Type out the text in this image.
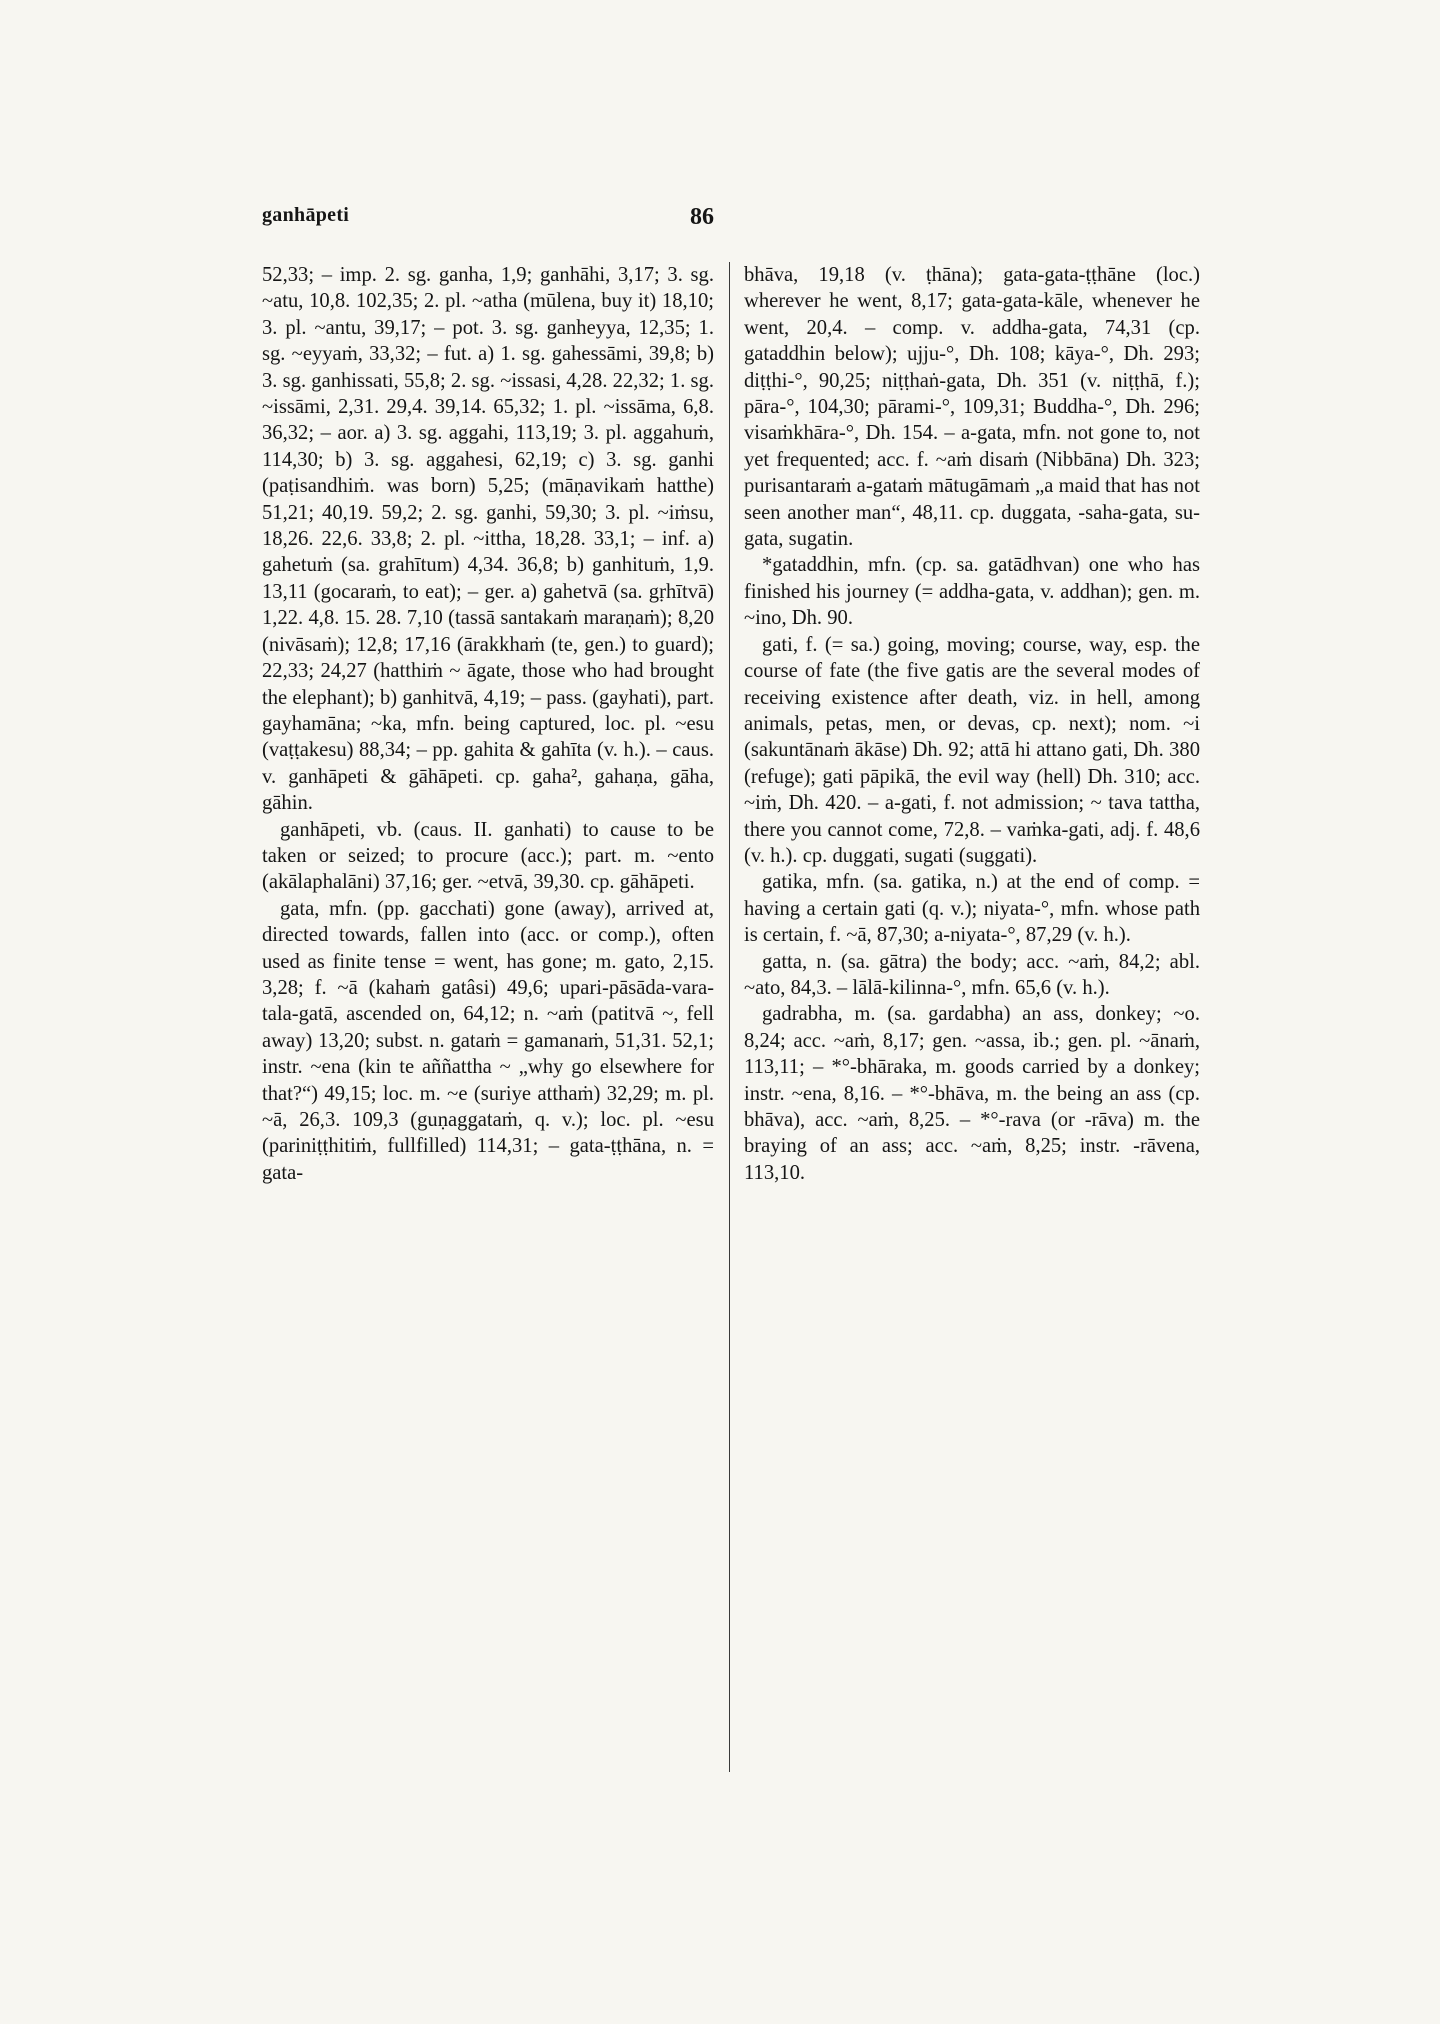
ganhāpeti	86

52,33; – imp. 2. sg. ganha, 1,9; ganhāhi, 3,17; 3. sg. ~atu, 10,8. 102,35; 2. pl. ~atha (mūlena, buy it) 18,10; 3. pl. ~antu, 39,17; – pot. 3. sg. ganheyya, 12,35; 1. sg. ~eyyaṁ, 33,32; – fut. a) 1. sg. gahessāmi, 39,8; b) 3. sg. ganhissati, 55,8; 2. sg. ~issasi, 4,28. 22,32; 1. sg. ~issāmi, 2,31. 29,4. 39,14. 65,32; 1. pl. ~issāma, 6,8. 36,32; – aor. a) 3. sg. aggahi, 113,19; 3. pl. aggahuṁ, 114,30; b) 3. sg. aggahesi, 62,19; c) 3. sg. ganhi (paṭisandhiṁ. was born) 5,25; (māṇavikaṁ hatthe) 51,21; 40,19. 59,2; 2. sg. ganhi, 59,30; 3. pl. ~iṁsu, 18,26. 22,6. 33,8; 2. pl. ~ittha, 18,28. 33,1; – inf. a) gahetuṁ (sa. grahītum) 4,34. 36,8; b) ganhituṁ, 1,9. 13,11 (gocaraṁ, to eat); – ger. a) gahetvā (sa. gṛhītvā) 1,22. 4,8. 15. 28. 7,10 (tassā santakaṁ maraṇaṁ); 8,20 (nivāsaṁ); 12,8; 17,16 (ārakkhaṁ (te, gen.) to guard); 22,33; 24,27 (hatthiṁ ~ āgate, those who had brought the elephant); b) ganhitvā, 4,19; – pass. (gayhati), part. gayhamāna; ~ka, mfn. being captured, loc. pl. ~esu (vaṭṭakesu) 88,34; – pp. gahita & gahīta (v. h.). – caus. v. ganhāpeti & gāhāpeti. cp. gaha², gahaṇa, gāha, gāhin.

ganhāpeti, vb. (caus. II. ganhati) to cause to be taken or seized; to procure (acc.); part. m. ~ento (akālaphalāni) 37,16; ger. ~etvā, 39,30. cp. gāhāpeti.

gata, mfn. (pp. gacchati) gone (away), arrived at, directed towards, fallen into (acc. or comp.), often used as finite tense = went, has gone; m. gato, 2,15. 3,28; f. ~ā (kahaṁ gatâsi) 49,6; upari-pāsāda-vara-tala-gatā, ascended on, 64,12; n. ~aṁ (patitvā ~, fell away) 13,20; subst. n. gataṁ = gamanaṁ, 51,31. 52,1; instr. ~ena (kin te aññattha ~ „why go elsewhere for that?“) 49,15; loc. m. ~e (suriye atthaṁ) 32,29; m. pl. ~ā, 26,3. 109,3 (guṇaggataṁ, q. v.); loc. pl. ~esu (pariniṭṭhitiṁ, fullfilled) 114,31; – gata-ṭṭhāna, n. = gata-

bhāva, 19,18 (v. ṭhāna); gata-gata-ṭṭhāne (loc.) wherever he went, 8,17; gata-gata-kāle, whenever he went, 20,4. – comp. v. addha-gata, 74,31 (cp. gataddhin below); ujju-°, Dh. 108; kāya-°, Dh. 293; diṭṭhi-°, 90,25; niṭṭhaṅ-gata, Dh. 351 (v. niṭṭhā, f.); pāra-°, 104,30; pārami-°, 109,31; Buddha-°, Dh. 296; visaṁkhāra-°, Dh. 154. – a-gata, mfn. not gone to, not yet frequented; acc. f. ~aṁ disaṁ (Nibbāna) Dh. 323; purisantaraṁ a-gataṁ mātugāmaṁ „a maid that has not seen another man“, 48,11. cp. duggata, -saha-gata, su-gata, sugatin.

*gataddhin, mfn. (cp. sa. gatādhvan) one who has finished his journey (= addha-gata, v. addhan); gen. m. ~ino, Dh. 90.

gati, f. (= sa.) going, moving; course, way, esp. the course of fate (the five gatis are the several modes of receiving existence after death, viz. in hell, among animals, petas, men, or devas, cp. next); nom. ~i (sakuntānaṁ ākāse) Dh. 92; attā hi attano gati, Dh. 380 (refuge); gati pāpikā, the evil way (hell) Dh. 310; acc. ~iṁ, Dh. 420. – a-gati, f. not admission; ~ tava tattha, there you cannot come, 72,8. – vaṁka-gati, adj. f. 48,6 (v. h.). cp. duggati, sugati (suggati).

gatika, mfn. (sa. gatika, n.) at the end of comp. = having a certain gati (q. v.); niyata-°, mfn. whose path is certain, f. ~ā, 87,30; a-niyata-°, 87,29 (v. h.).

gatta, n. (sa. gātra) the body; acc. ~aṁ, 84,2; abl. ~ato, 84,3. – lālā-kilinna-°, mfn. 65,6 (v. h.).

gadrabha, m. (sa. gardabha) an ass, donkey; ~o. 8,24; acc. ~aṁ, 8,17; gen. ~assa, ib.; gen. pl. ~ānaṁ, 113,11; – *°-bhāraka, m. goods carried by a donkey; instr. ~ena, 8,16. – *°-bhāva, m. the being an ass (cp. bhāva), acc. ~aṁ, 8,25. – *°-rava (or -rāva) m. the braying of an ass; acc. ~aṁ, 8,25; instr. -rāvena, 113,10.
